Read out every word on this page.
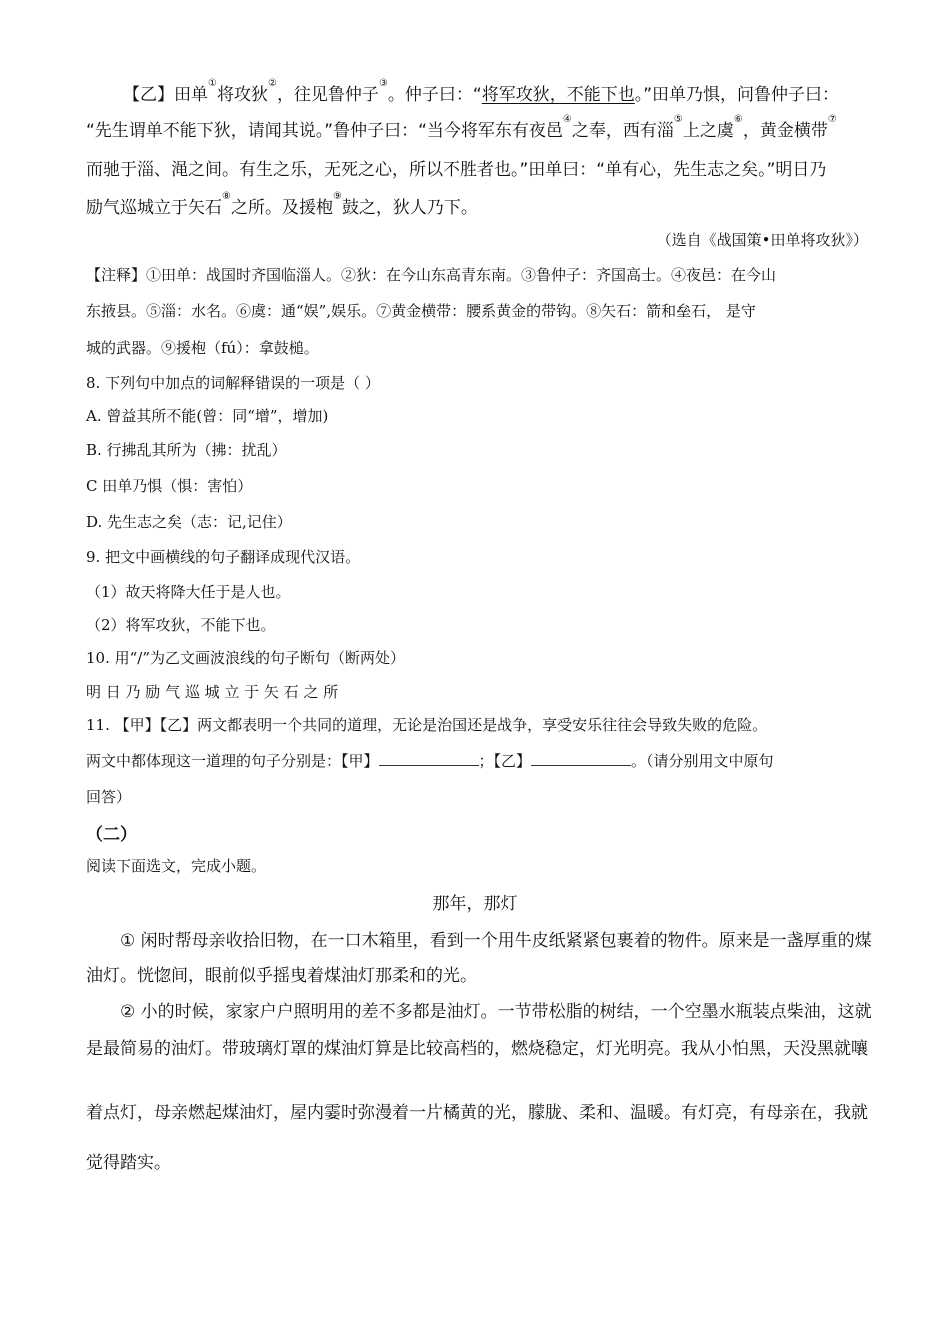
【乙】田单①将攻狄②，往见鲁仲子③。仲子曰：“将军攻狄，不能下也。”田单乃惧，问鲁仲子曰：
“先生谓单不能下狄，请闻其说。”鲁仲子曰：“当今将军东有夜邑④之奉，西有淄⑤上之虞⑥，黄金横带⑦
而驰于淄、渑之间。有生之乐，无死之心，所以不胜者也。”田单曰：“单有心，先生志之矣。”明日乃
励气巡城立于矢石⑧之所。及援枹⑨鼓之，狄人乃下。
（选自《战国策•田单将攻狄》）
【注释】①田单：战国时齐国临淄人。②狄：在今山东高青东南。③鲁仲子：齐国高士。④夜邑：在今山
东掖县。⑤淄：水名。⑥虞：通“娱”,娱乐。⑦黄金横带：腰系黄金的带钩。⑧矢石：箭和垒石， 是守
城的武器。⑨援枹（fú）：拿鼓槌。
8. 下列句中加点的词解释错误的一项是（ ）
A. 曾益其所不能(曾：同“增”，增加)
B. 行拂乱其所为（拂：扰乱）
C 田单乃惧（惧：害怕）
D. 先生志之矣（志：记,记住）
9. 把文中画横线的句子翻译成现代汉语。
（1）故天将降大任于是人也。
（2）将军攻狄，不能下也。
10. 用“/”为乙文画波浪线的句子断句（断两处）
明 日 乃 励 气 巡 城 立 于 矢 石 之 所
11. 【甲】【乙】两文都表明一个共同的道理，无论是治国还是战争，享受安乐往往会导致失败的危险。
两文中都体现这一道理的句子分别是：【甲】	；【乙】	。（请分别用文中原句
回答）
（二）
阅读下面选文，完成小题。
那年，那灯
① 闲时帮母亲收拾旧物，在一口木箱里，看到一个用牛皮纸紧紧包裹着的物件。原来是一盏厚重的煤
油灯。恍惚间，眼前似乎摇曳着煤油灯那柔和的光。
② 小的时候，家家户户照明用的差不多都是油灯。一节带松脂的树结，一个空墨水瓶装点柴油，这就
是最简易的油灯。带玻璃灯罩的煤油灯算是比较高档的，燃烧稳定，灯光明亮。我从小怕黑，天没黑就嚷
着点灯，母亲燃起煤油灯，屋内霎时弥漫着一片橘黄的光，朦胧、柔和、温暖。有灯亮，有母亲在，我就
觉得踏实。
